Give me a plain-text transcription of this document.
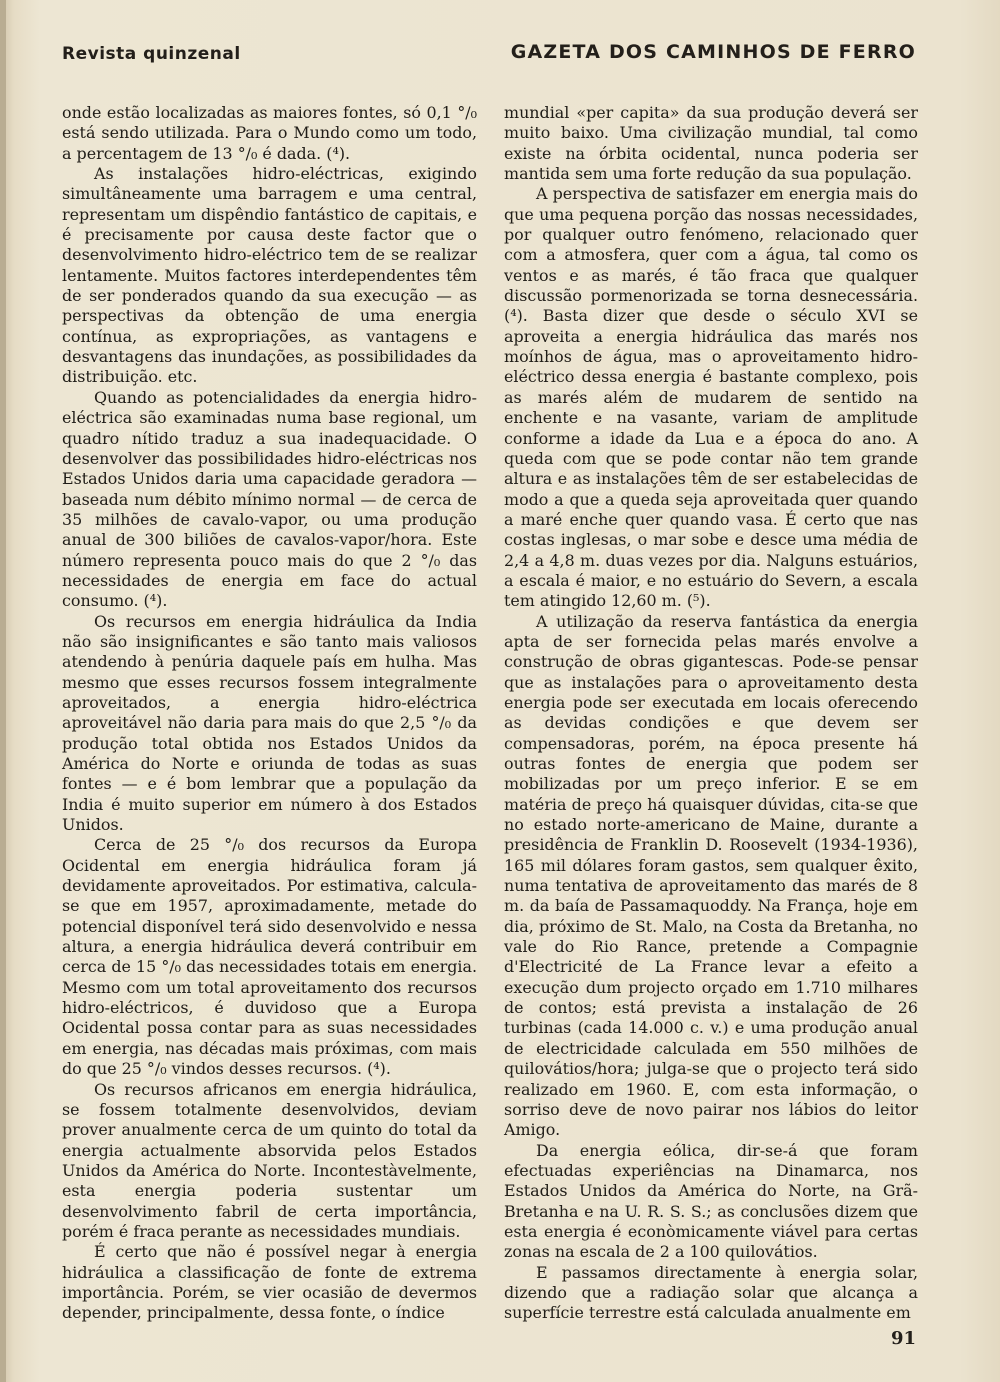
Revista quinzenal	GAZETA DOS CAMINHOS DE FERRO

onde estão localizadas as maiores fontes, só 0,1 °/₀ está sendo utilizada. Para o Mundo como um todo, a percentagem de 13 °/₀ é dada. (⁴).

As instalações hidro-eléctricas, exigindo simultâneamente uma barragem e uma central, representam um dispêndio fantástico de capitais, e é precisamente por causa deste factor que o desenvolvimento hidro-eléctrico tem de se realizar lentamente. Muitos factores interdependentes têm de ser ponderados quando da sua execução — as perspectivas da obtenção de uma energia contínua, as expropriações, as vantagens e desvantagens das inundações, as possibilidades da distribuição. etc.

Quando as potencialidades da energia hidro-eléctrica são examinadas numa base regional, um quadro nítido traduz a sua inadequacidade. O desenvolver das possibilidades hidro-eléctricas nos Estados Unidos daria uma capacidade geradora — baseada num débito mínimo normal — de cerca de 35 milhões de cavalo-vapor, ou uma produção anual de 300 biliões de cavalos-vapor/hora. Este número representa pouco mais do que 2 °/₀ das necessidades de energia em face do actual consumo. (⁴).

Os recursos em energia hidráulica da India não são insignificantes e são tanto mais valiosos atendendo à penúria daquele país em hulha. Mas mesmo que esses recursos fossem integralmente aproveitados, a energia hidro-eléctrica aproveitável não daria para mais do que 2,5 °/₀ da produção total obtida nos Estados Unidos da América do Norte e oriunda de todas as suas fontes — e é bom lembrar que a população da India é muito superior em número à dos Estados Unidos.

Cerca de 25 °/₀ dos recursos da Europa Ocidental em energia hidráulica foram já devidamente aproveitados. Por estimativa, calcula-se que em 1957, aproximadamente, metade do potencial disponível terá sido desenvolvido e nessa altura, a energia hidráulica deverá contribuir em cerca de 15 °/₀ das necessidades totais em energia. Mesmo com um total aproveitamento dos recursos hidro-eléctricos, é duvidoso que a Europa Ocidental possa contar para as suas necessidades em energia, nas décadas mais próximas, com mais do que 25 °/₀ vindos desses recursos. (⁴).

Os recursos africanos em energia hidráulica, se fossem totalmente desenvolvidos, deviam prover anualmente cerca de um quinto do total da energia actualmente absorvida pelos Estados Unidos da América do Norte. Incontestàvelmente, esta energia poderia sustentar um desenvolvimento fabril de certa importância, porém é fraca perante as necessidades mundiais.

É certo que não é possível negar à energia hidráulica a classificação de fonte de extrema importância. Porém, se vier ocasião de devermos depender, principalmente, dessa fonte, o índice

mundial «per capita» da sua produção deverá ser muito baixo. Uma civilização mundial, tal como existe na órbita ocidental, nunca poderia ser mantida sem uma forte redução da sua população.

A perspectiva de satisfazer em energia mais do que uma pequena porção das nossas necessidades, por qualquer outro fenómeno, relacionado quer com a atmosfera, quer com a água, tal como os ventos e as marés, é tão fraca que qualquer discussão pormenorizada se torna desnecessária. (⁴). Basta dizer que desde o século XVI se aproveita a energia hidráulica das marés nos moínhos de água, mas o aproveitamento hidro-eléctrico dessa energia é bastante complexo, pois as marés além de mudarem de sentido na enchente e na vasante, variam de amplitude conforme a idade da Lua e a época do ano. A queda com que se pode contar não tem grande altura e as instalações têm de ser estabelecidas de modo a que a queda seja aproveitada quer quando a maré enche quer quando vasa. É certo que nas costas inglesas, o mar sobe e desce uma média de 2,4 a 4,8 m. duas vezes por dia. Nalguns estuários, a escala é maior, e no estuário do Severn, a escala tem atingido 12,60 m. (⁵).

A utilização da reserva fantástica da energia apta de ser fornecida pelas marés envolve a construção de obras gigantescas. Pode-se pensar que as instalações para o aproveitamento desta energia pode ser executada em locais oferecendo as devidas condições e que devem ser compensadoras, porém, na época presente há outras fontes de energia que podem ser mobilizadas por um preço inferior. E se em matéria de preço há quaisquer dúvidas, cita-se que no estado norte-americano de Maine, durante a presidência de Franklin D. Roosevelt (1934-1936), 165 mil dólares foram gastos, sem qualquer êxito, numa tentativa de aproveitamento das marés de 8 m. da baía de Passamaquoddy. Na França, hoje em dia, próximo de St. Malo, na Costa da Bretanha, no vale do Rio Rance, pretende a Compagnie d'Electricité de La France levar a efeito a execução dum projecto orçado em 1.710 milhares de contos; está prevista a instalação de 26 turbinas (cada 14.000 c. v.) e uma produção anual de electricidade calculada em 550 milhões de quilovátios/hora; julga-se que o projecto terá sido realizado em 1960. E, com esta informação, o sorriso deve de novo pairar nos lábios do leitor Amigo.

Da energia eólica, dir-se-á que foram efectuadas experiências na Dinamarca, nos Estados Unidos da América do Norte, na Grã-Bretanha e na U. R. S. S.; as conclusões dizem que esta energia é econòmicamente viável para certas zonas na escala de 2 a 100 quilovátios.

E passamos directamente à energia solar, dizendo que a radiação solar que alcança a superfície terrestre está calculada anualmente em

91
